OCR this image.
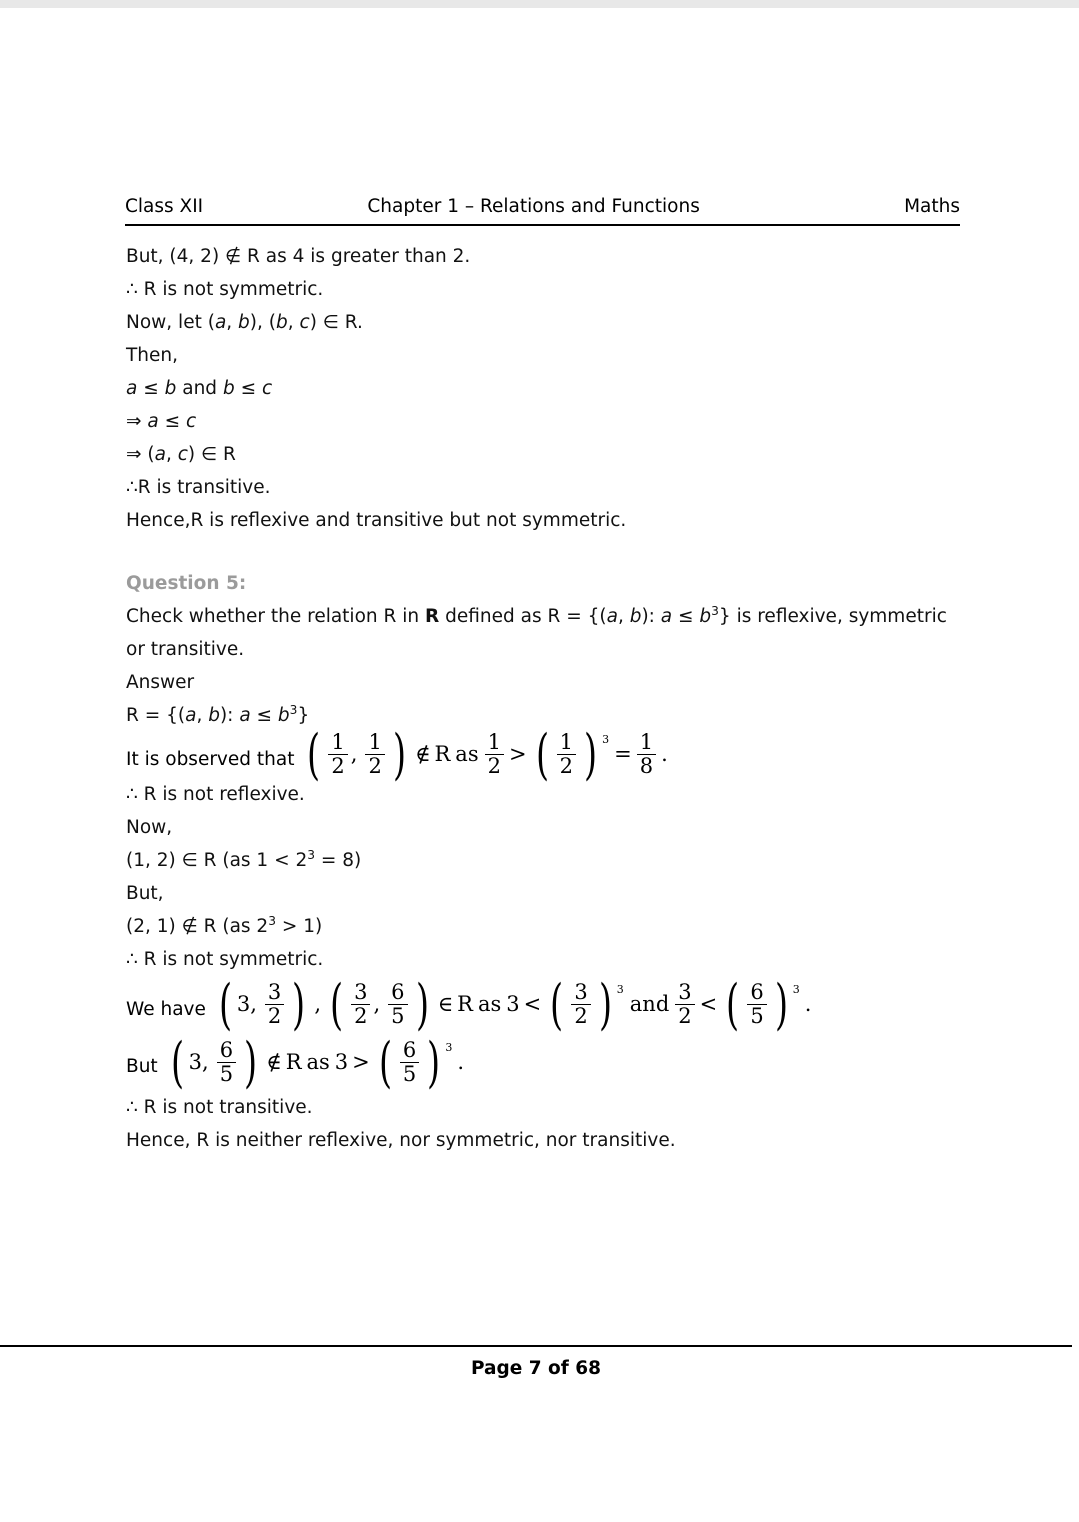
Class XII	Chapter 1 – Relations and Functions	Maths

But, (4, 2) ∉ R as 4 is greater than 2.

∴ R is not symmetric.

Now, let (a, b), (b, c) ∈ R.

Then,

a ≤ b and b ≤ c

⇒ a ≤ c

⇒ (a, c) ∈ R

∴R is transitive.

Hence,R is reflexive and transitive but not symmetric.

Question 5:

Check whether the relation R in R defined as R = {(a, b): $a \le b^3$} is reflexive, symmetric

or transitive.

Answer

R = {(a, b): $a \le b^3$}

It is observed that ( $\frac{1}{2}$ , $\frac{1}{2}$ ) ∉ R as $\frac{1}{2}$ > ( $\frac{1}{2}$ ) 3
= $\frac{1}{8}$ .

∴ R is not reflexive.

Now,

(1, 2) ∈ R (as $1 < 2^3 = 8$)

But,

(2, 1) ∉ R (as $2^3 > 1$)

∴ R is not symmetric.

We have ( 3, $\frac{3}{2}$ ) , ( $\frac{3}{2}$ , $\frac{6}{5}$ ) ∈ R as 3 < ( $\frac{3}{2}$ ) 3
and $\frac{3}{2}$ < ( $\frac{6}{5}$ ) 3
.
But ( 3, $\frac{6}{5}$ ) ∉ R as 3 > ( $\frac{6}{5}$ ) 3
.

∴ R is not transitive.

Hence, R is neither reflexive, nor symmetric, nor transitive.

Page 7 of 68
